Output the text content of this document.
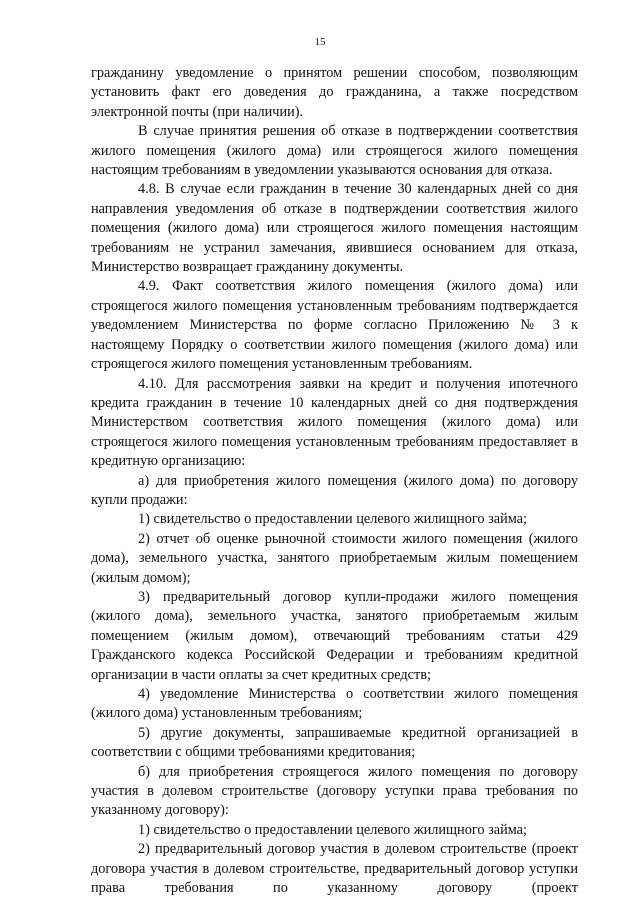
15

гражданину уведомление о принятом решении способом, позволяющим установить факт его доведения до гражданина, а также посредством электронной почты (при наличии).

В случае принятия решения об отказе в подтверждении соответствия жилого помещения (жилого дома) или строящегося жилого помещения настоящим требованиям в уведомлении указываются основания для отказа.

4.8. В случае если гражданин в течение 30 календарных дней со дня направления уведомления об отказе в подтверждении соответствия жилого помещения (жилого дома) или строящегося жилого помещения настоящим требованиям не устранил замечания, явившиеся основанием для отказа, Министерство возвращает гражданину документы.

4.9. Факт соответствия жилого помещения (жилого дома) или строящегося жилого помещения установленным требованиям подтверждается уведомлением Министерства по форме согласно Приложению № 3 к настоящему Порядку о соответствии жилого помещения (жилого дома) или строящегося жилого помещения установленным требованиям.

4.10. Для рассмотрения заявки на кредит и получения ипотечного кредита гражданин в течение 10 календарных дней со дня подтверждения Министерством соответствия жилого помещения (жилого дома) или строящегося жилого помещения установленным требованиям предоставляет в кредитную организацию:

а) для приобретения жилого помещения (жилого дома) по договору купли продажи:

1) свидетельство о предоставлении целевого жилищного займа;

2) отчет об оценке рыночной стоимости жилого помещения (жилого дома), земельного участка, занятого приобретаемым жилым помещением (жилым домом);

3) предварительный договор купли-продажи жилого помещения (жилого дома), земельного участка, занятого приобретаемым жилым помещением (жилым домом), отвечающий требованиям статьи 429 Гражданского кодекса Российской Федерации и требованиям кредитной организации в части оплаты за счет кредитных средств;

4) уведомление Министерства о соответствии жилого помещения (жилого дома) установленным требованиям;

5) другие документы, запрашиваемые кредитной организацией в соответствии с общими требованиями кредитования;

б) для приобретения строящегося жилого помещения по договору участия в долевом строительстве (договору уступки права требования по указанному договору):

1) свидетельство о предоставлении целевого жилищного займа;

2) предварительный договор участия в долевом строительстве (проект договора участия в долевом строительстве, предварительный договор уступки права требования по указанному договору (проект
